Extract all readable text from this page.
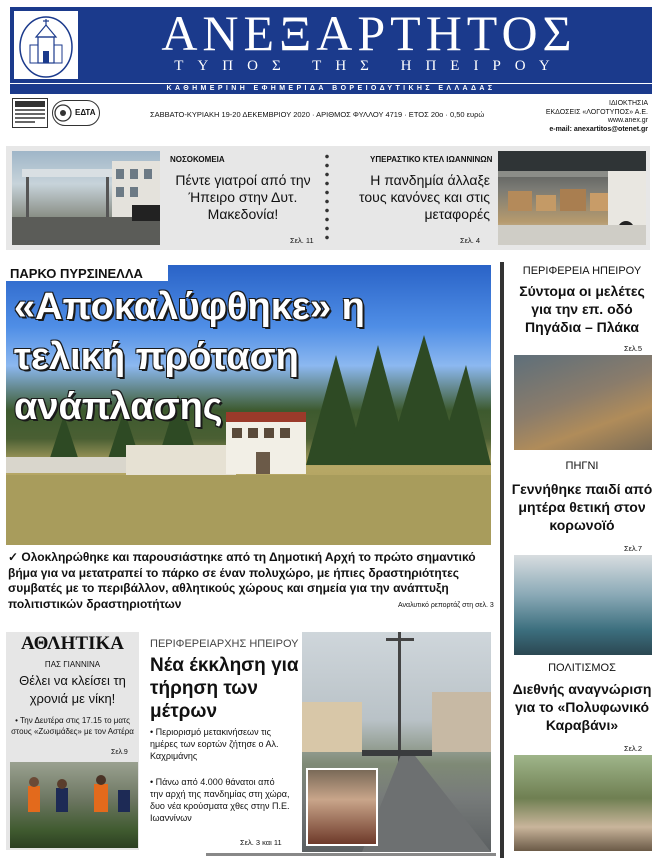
ΑΝΕΞΑΡΤΗΤΟΣ
ΤΥΠΟΣ ΤΗΣ ΗΠΕΙΡΟΥ
ΚΑΘΗΜΕΡΙΝΗ ΕΦΗΜΕΡΙΔΑ ΒΟΡΕΙΟΔΥΤΙΚΗΣ ΕΛΛΑΔΑΣ
ΕΔΤΑ	ΣΑΒΒΑΤΟ-ΚΥΡΙΑΚΗ 19-20 ΔΕΚΕΜΒΡΙΟΥ 2020 · ΑΡΙΘΜΟΣ ΦΥΛΛΟΥ 4719 · ΕΤΟΣ 20ο · 0,50 ευρώ
ΙΔΙΟΚΤΗΣΙΑ
ΕΚΔΟΣΕΙΣ «ΛΟΓΟΤΥΠΟΣ» Α.Ε.
www.anex.gr
e-mail: anexartitos@otenet.gr
ΝΟΣΟΚΟΜΕΙΑ
Πέντε γιατροί από την Ήπειρο στην Δυτ. Μακεδονία!
Σελ. 11
ΥΠΕΡΑΣΤΙΚΟ ΚΤΕΛ ΙΩΑΝΝΙΝΩΝ
Η πανδημία άλλαξε τους κανόνες και στις μεταφορές
Σελ. 4
ΠΑΡΚΟ ΠΥΡΣΙΝΕΛΛΑ
«Αποκαλύφθηκε» η τελική πρόταση ανάπλασης
✓ Ολοκληρώθηκε και παρουσιάστηκε από τη Δημοτική Αρχή το πρώτο σημαντικό βήμα για να μετατραπεί το πάρκο σε έναν πολυχώρο, με ήπιες δραστηριότητες συμβατές με το περιβάλλον, αθλητικούς χώρους και σημεία για την ανάπτυξη πολιτιστικών δραστηριοτήτων	Αναλυτικό ρεπορτάζ στη σελ. 3
ΠΕΡΙΦΕΡΕΙΑ ΗΠΕΙΡΟΥ
Σύντομα οι μελέτες για την επ. οδό Πηγάδια – Πλάκα
Σελ.5
ΠΗΓΝΙ
Γεννήθηκε παιδί από μητέρα θετική στον κορωνοϊό
Σελ.7
ΠΟΛΙΤΙΣΜΟΣ
Διεθνής αναγνώριση για το «Πολυφωνικό Καραβάνι»
Σελ.2
ΑΘΛΗΤΙΚΑ
ΠΑΣ ΓΙΑΝΝΙΝΑ
Θέλει να κλείσει τη χρονιά με νίκη!
• Την Δευτέρα στις 17.15 το ματς στους «Ζωσιμάδες» με τον Αστέρα
Σελ.9
ΠΕΡΙΦΕΡΕΙΑΡΧΗΣ ΗΠΕΙΡΟΥ
Νέα έκκληση για τήρηση των μέτρων
• Περιορισμό μετακινήσεων τις ημέρες των εορτών ζήτησε ο Αλ. Καχριμάνης
• Πάνω από 4.000 θάνατοι από την αρχή της πανδημίας στη χώρα, δυο νέα κρούσματα χθες στην Π.Ε. Ιωαννίνων
Σελ. 3 και 11
